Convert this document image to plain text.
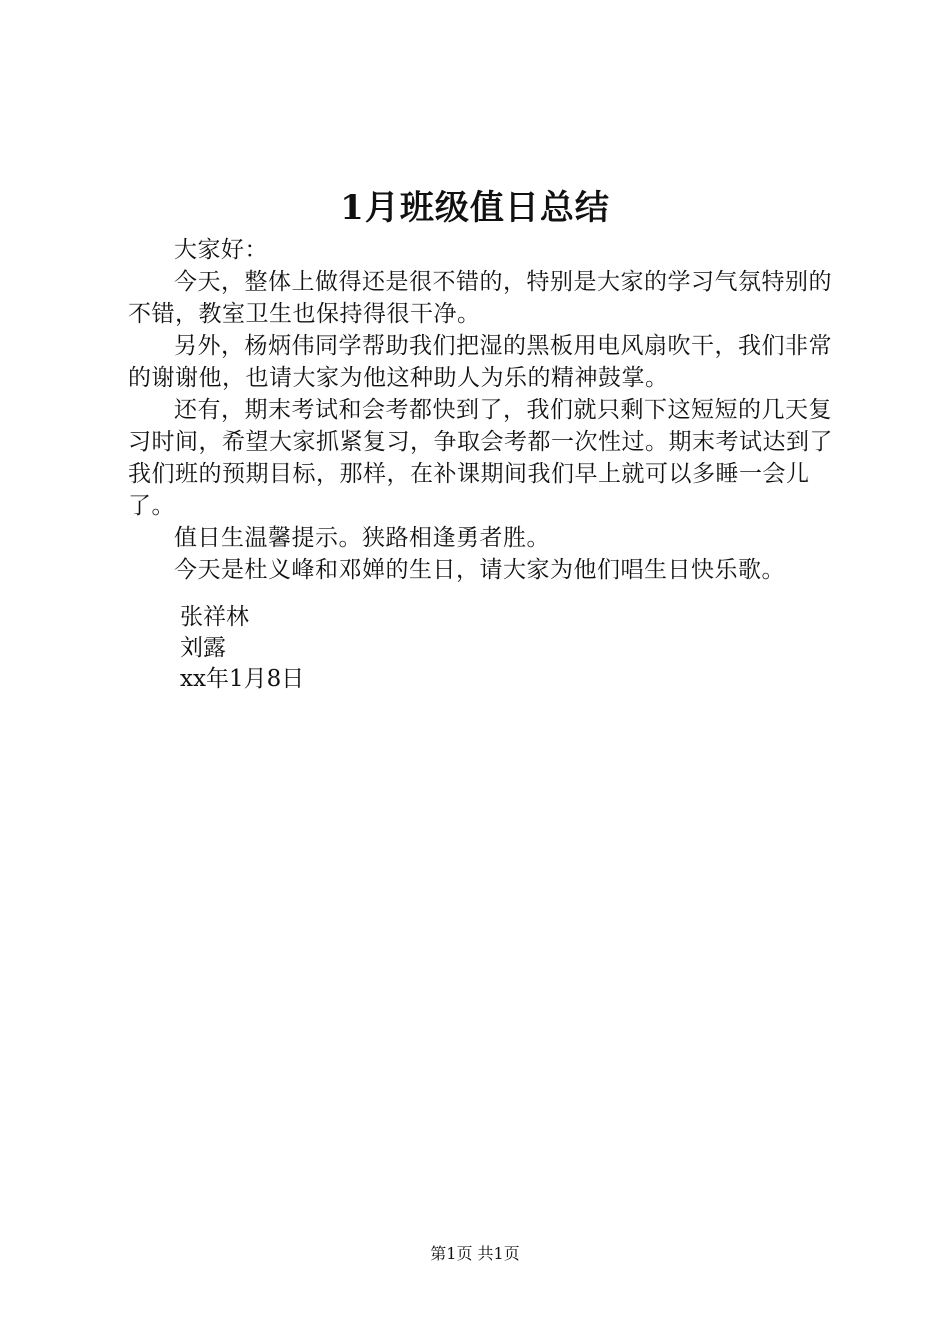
1月班级值日总结

大家好：

今天，整体上做得还是很不错的，特别是大家的学习气氛特别的不错，教室卫生也保持得很干净。

另外，杨炳伟同学帮助我们把湿的黑板用电风扇吹干，我们非常的谢谢他，也请大家为他这种助人为乐的精神鼓掌。

还有，期末考试和会考都快到了，我们就只剩下这短短的几天复习时间，希望大家抓紧复习，争取会考都一次性过。期末考试达到了我们班的预期目标，那样，在补课期间我们早上就可以多睡一会儿了。

值日生温馨提示。狭路相逢勇者胜。

今天是杜义峰和邓婵的生日，请大家为他们唱生日快乐歌。

张祥林
刘露
xx年1月8日
第1页 共1页
